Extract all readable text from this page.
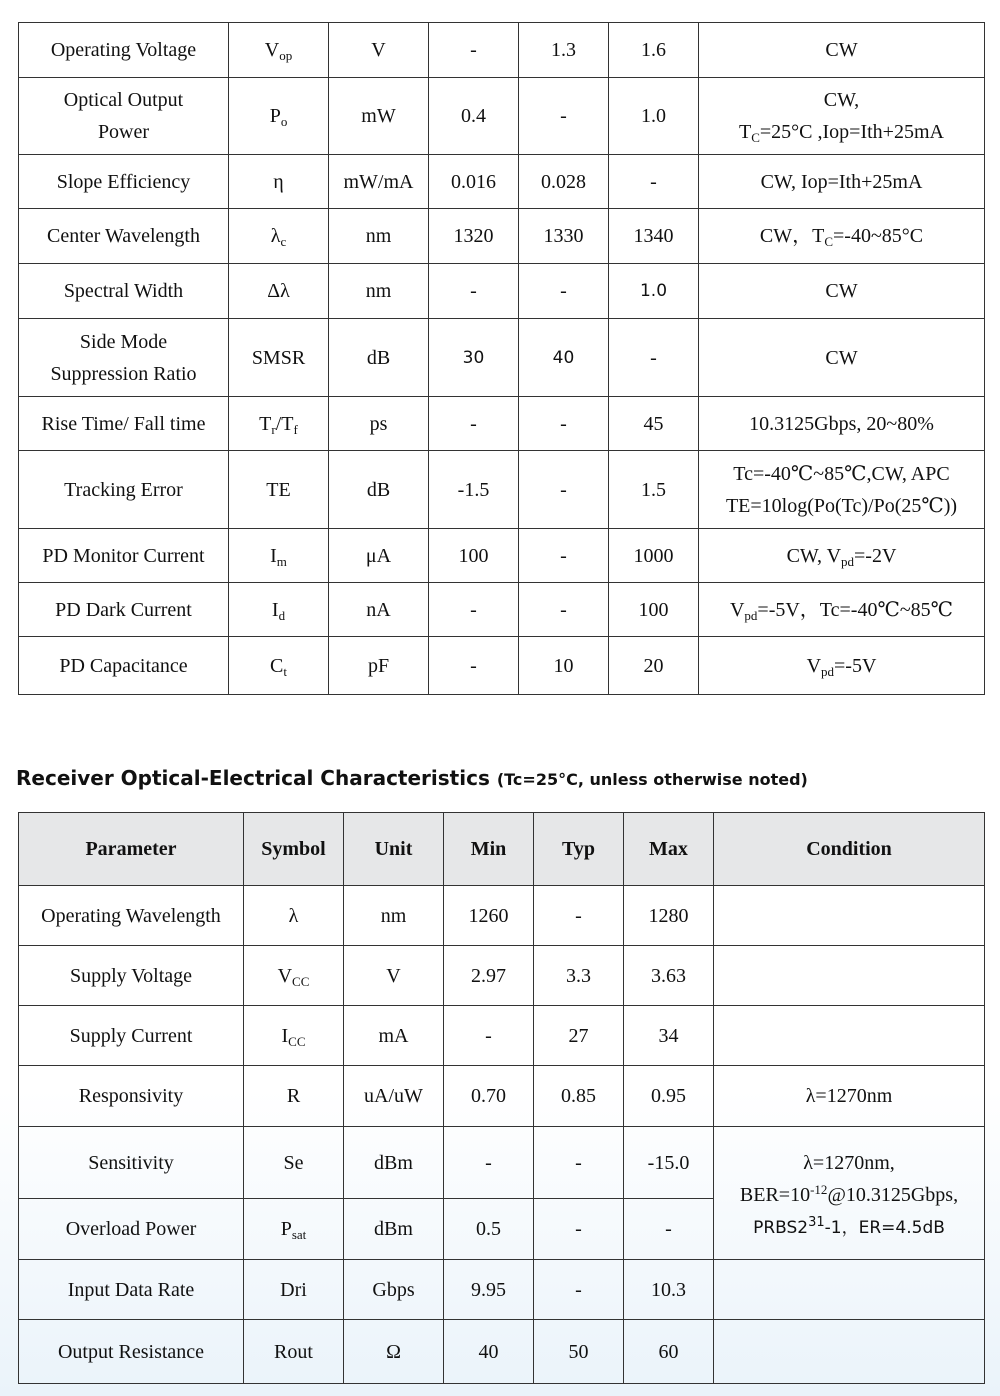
Operating Voltage	$V_{op}$	V	-	1.3	1.6	CW
Optical Output
Power	$P_o$	mW	0.4	-	1.0	CW,
$T_C=25^\circ C$ ,Iop=Ith+25mA
Slope Efficiency	η	mW/mA	0.016	0.028	-	CW, Iop=Ith+25mA
Center Wavelength	$\lambda_c$	nm	1320	1330	1340	CW，$T_C=-40\sim 85^\circ C$
Spectral Width	Δλ	nm	-	-	1.0	CW
Side Mode
Suppression Ratio	SMSR	dB	30	40	-	CW
Rise Time/ Fall time	$T_r/T_f$	ps	-	-	45	10.3125Gbps, 20~80%
Tracking Error	TE	dB	-1.5	-	1.5	Tc=-40℃~85℃,CW, APC
TE=10log(Po(Tc)/Po(25℃))
PD Monitor Current	$I_m$	μA	100	-	1000	CW, $V_{pd}=-2V$
PD Dark Current	$I_d$	nA	-	-	100	$V_{pd}=-5V$，Tc=-40℃~85℃
PD Capacitance	$C_t$	pF	-	10	20	$V_{pd}=-5V$
Receiver Optical-Electrical Characteristics (Tc=25°C, unless otherwise noted)
Parameter	Symbol	Unit	Min	Typ	Max	Condition
Operating Wavelength	λ	nm	1260	-	1280	
Supply Voltage	$V_{CC}$	V	2.97	3.3	3.63	
Supply Current	$I_{CC}$	mA	-	27	34	
Responsivity	R	uA/uW	0.70	0.85	0.95	λ=1270nm
Sensitivity	Se	dBm	-	-	-15.0	λ=1270nm,
$BER=10^{-12}@10.3125Gbps$,
$PRBS2^{31}-1$，ER=4.5dB
Overload Power	$P_{sat}$	dBm	0.5	-	-	
Input Data Rate	Dri	Gbps	9.95	-	10.3	
Output Resistance	Rout	Ω	40	50	60	
